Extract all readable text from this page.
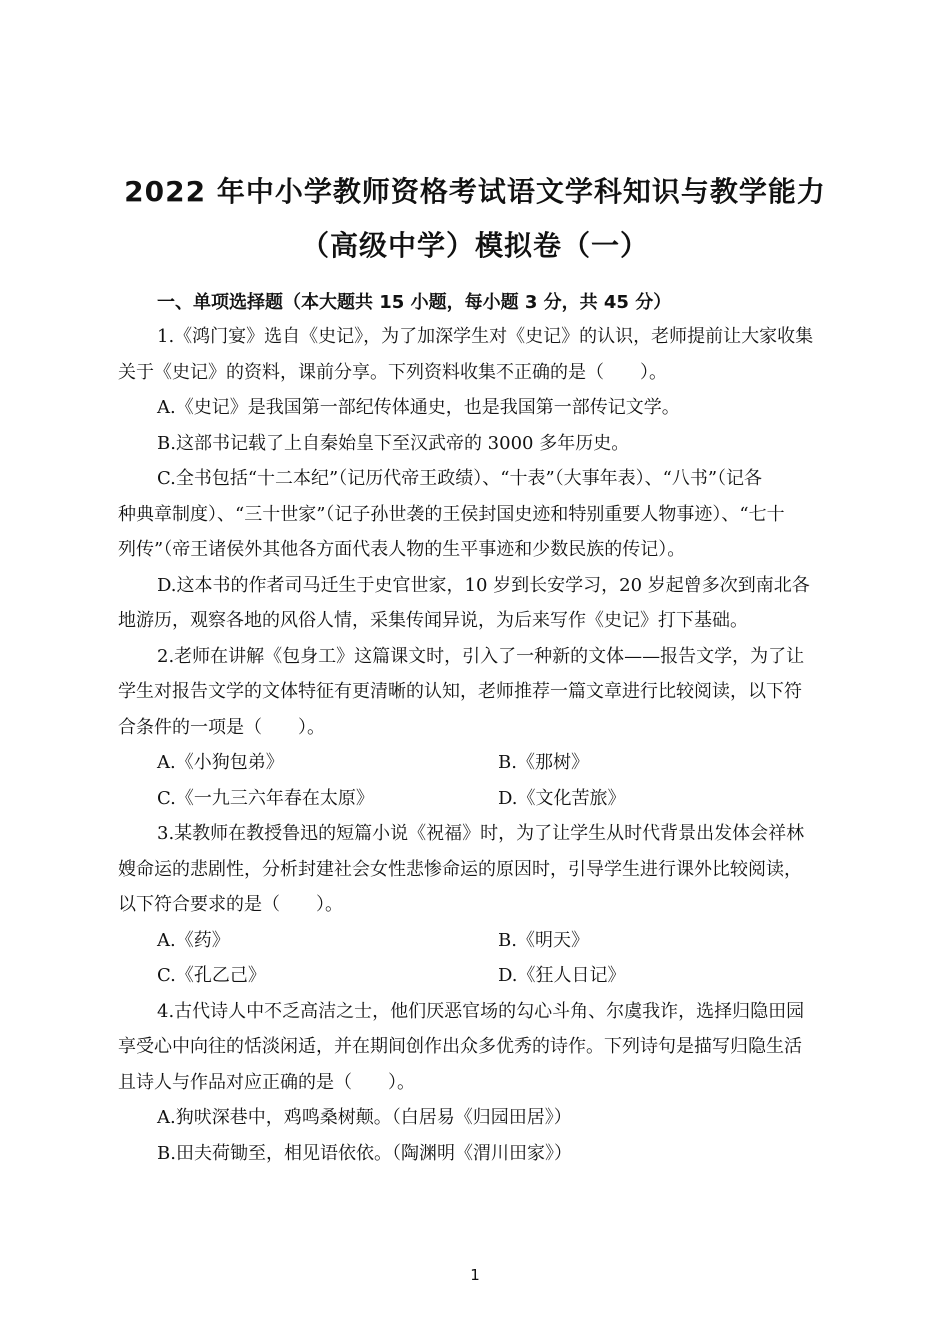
2022 年中小学教师资格考试语文学科知识与教学能力
（高级中学）模拟卷（一）
一、单项选择题（本大题共 15 小题，每小题 3 分，共 45 分）
1.《鸿门宴》选自《史记》，为了加深学生对《史记》的认识，老师提前让大家收集
关于《史记》的资料，课前分享。下列资料收集不正确的是（　　）。
A.《史记》是我国第一部纪传体通史，也是我国第一部传记文学。
B.这部书记载了上自秦始皇下至汉武帝的 3000 多年历史。
C.全书包括“十二本纪”（记历代帝王政绩）、“十表”（大事年表）、“八书”（记各
种典章制度）、“三十世家”（记子孙世袭的王侯封国史迹和特别重要人物事迹）、“七十
列传”（帝王诸侯外其他各方面代表人物的生平事迹和少数民族的传记）。
D.这本书的作者司马迁生于史官世家，10 岁到长安学习，20 岁起曾多次到南北各
地游历，观察各地的风俗人情，采集传闻异说，为后来写作《史记》打下基础。
2.老师在讲解《包身工》这篇课文时，引入了一种新的文体——报告文学，为了让
学生对报告文学的文体特征有更清晰的认知，老师推荐一篇文章进行比较阅读，以下符
合条件的一项是（　　）。
A.《小狗包弟》	B.《那树》
C.《一九三六年春在太原》	D.《文化苦旅》
3.某教师在教授鲁迅的短篇小说《祝福》时，为了让学生从时代背景出发体会祥林
嫂命运的悲剧性，分析封建社会女性悲惨命运的原因时，引导学生进行课外比较阅读，
以下符合要求的是（　　）。
A.《药》	B.《明天》
C.《孔乙己》	D.《狂人日记》
4.古代诗人中不乏高洁之士，他们厌恶官场的勾心斗角、尔虞我诈，选择归隐田园
享受心中向往的恬淡闲适，并在期间创作出众多优秀的诗作。下列诗句是描写归隐生活
且诗人与作品对应正确的是（　　）。
A.狗吠深巷中，鸡鸣桑树颠。（白居易《归园田居》）
B.田夫荷锄至，相见语依依。（陶渊明《渭川田家》）
1
